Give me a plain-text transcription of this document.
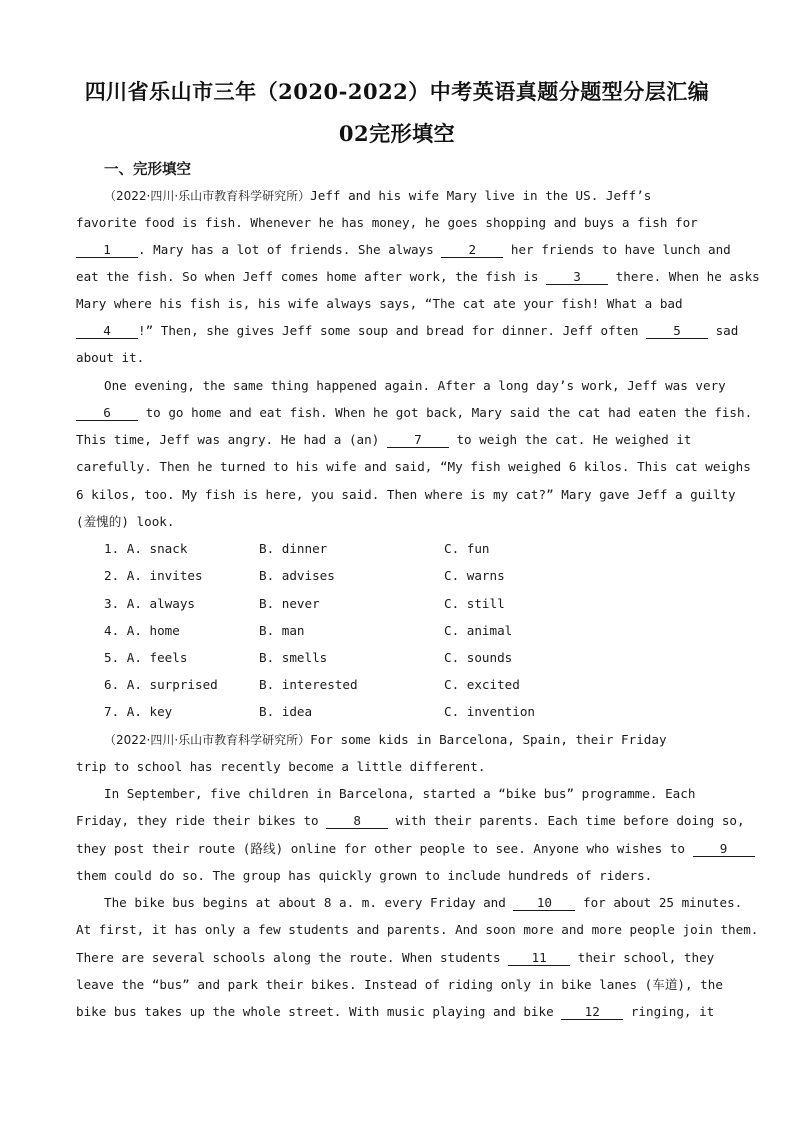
四川省乐山市三年（2020-2022）中考英语真题分题型分层汇编
02完形填空
一、完形填空
（2022·四川·乐山市教育科学研究所）Jeff and his wife Mary live in the US. Jeff’s
favorite food is fish. Whenever he has money, he goes shopping and buys a fish for
1 . Mary has a lot of friends. She always 2 her friends to have lunch and
eat the fish. So when Jeff comes home after work, the fish is 3 there. When he asks
Mary where his fish is, his wife always says, “The cat ate your fish! What a bad
4 !” Then, she gives Jeff some soup and bread for dinner. Jeff often 5 sad
about it.
One evening, the same thing happened again. After a long day’s work, Jeff was very
6 to go home and eat fish. When he got back, Mary said the cat had eaten the fish.
This time, Jeff was angry. He had a (an) 7 to weigh the cat. He weighed it
carefully. Then he turned to his wife and said, “My fish weighed 6 kilos. This cat weighs
6 kilos, too. My fish is here, you said. Then where is my cat?” Mary gave Jeff a guilty
(羞愧的) look.
1. A. snack	B. dinner	C. fun
2. A. invites	B. advises	C. warns
3. A. always	B. never	C. still
4. A. home	B. man	C. animal
5. A. feels	B. smells	C. sounds
6. A. surprised	B. interested	C. excited
7. A. key	B. idea	C. invention
（2022·四川·乐山市教育科学研究所）For some kids in Barcelona, Spain, their Friday
trip to school has recently become a little different.
In September, five children in Barcelona, started a “bike bus” programme. Each
Friday, they ride their bikes to 8 with their parents. Each time before doing so,
they post their route (路线) online for other people to see. Anyone who wishes to 9
them could do so. The group has quickly grown to include hundreds of riders.
The bike bus begins at about 8 a. m. every Friday and 10 for about 25 minutes.
At first, it has only a few students and parents. And soon more and more people join them.
There are several schools along the route. When students 11 their school, they
leave the “bus” and park their bikes. Instead of riding only in bike lanes (车道), the
bike bus takes up the whole street. With music playing and bike 12 ringing, it
